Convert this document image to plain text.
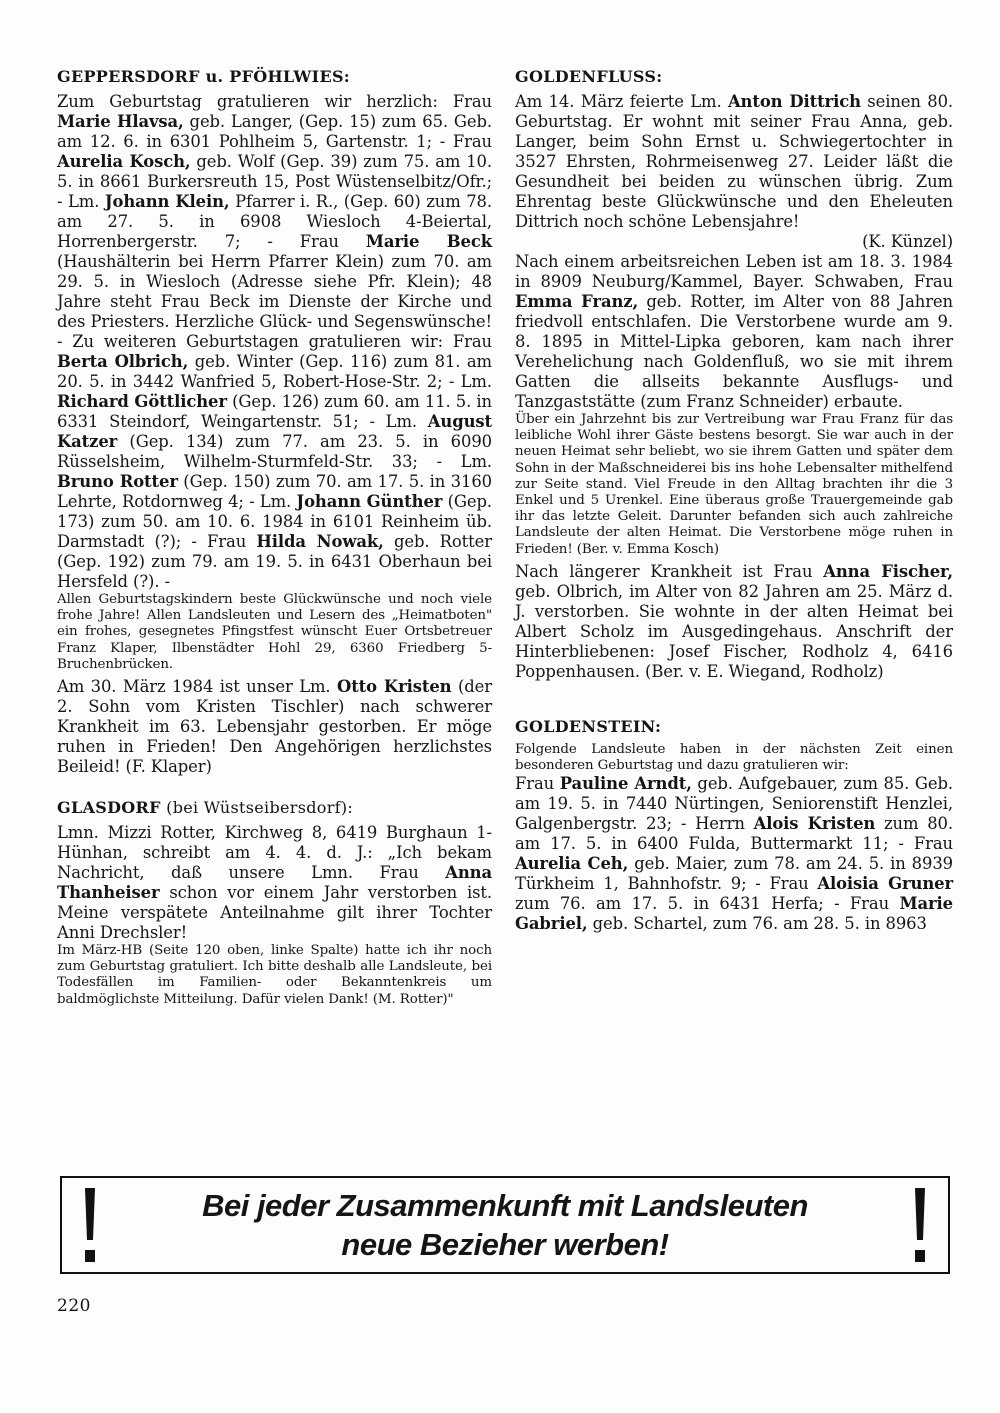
GEPPERSDORF u. PFÖHLWIES:

Zum Geburtstag gratulieren wir herzlich: Frau Marie Hlavsa, geb. Langer, (Gep. 15) zum 65. Geb. am 12. 6. in 6301 Pohlheim 5, Gartenstr. 1; - Frau Aurelia Kosch, geb. Wolf (Gep. 39) zum 75. am 10. 5. in 8661 Burkersreuth 15, Post Wüstenselbitz/Ofr.; - Lm. Johann Klein, Pfarrer i. R., (Gep. 60) zum 78. am 27. 5. in 6908 Wiesloch 4-Beiertal, Horrenbergerstr. 7; - Frau Marie Beck (Haushälterin bei Herrn Pfarrer Klein) zum 70. am 29. 5. in Wiesloch (Adresse siehe Pfr. Klein); 48 Jahre steht Frau Beck im Dienste der Kirche und des Priesters. Herzliche Glück- und Segenswünsche! - Zu weiteren Geburtstagen gratulieren wir: Frau Berta Olbrich, geb. Winter (Gep. 116) zum 81. am 20. 5. in 3442 Wanfried 5, Robert-Hose-Str. 2; - Lm. Richard Göttlicher (Gep. 126) zum 60. am 11. 5. in 6331 Steindorf, Weingartenstr. 51; - Lm. August Katzer (Gep. 134) zum 77. am 23. 5. in 6090 Rüsselsheim, Wilhelm-Sturmfeld-Str. 33; - Lm. Bruno Rotter (Gep. 150) zum 70. am 17. 5. in 3160 Lehrte, Rotdornweg 4; - Lm. Johann Günther (Gep. 173) zum 50. am 10. 6. 1984 in 6101 Reinheim üb. Darmstadt (?); - Frau Hilda Nowak, geb. Rotter (Gep. 192) zum 79. am 19. 5. in 6431 Oberhaun bei Hersfeld (?). -

Allen Geburtstagskindern beste Glückwünsche und noch viele frohe Jahre! Allen Landsleuten und Lesern des „Heimatboten" ein frohes, gesegnetes Pfingstfest wünscht Euer Ortsbetreuer Franz Klaper, Ilbenstädter Hohl 29, 6360 Friedberg 5-Bruchenbrücken.

Am 30. März 1984 ist unser Lm. Otto Kristen (der 2. Sohn vom Kristen Tischler) nach schwerer Krankheit im 63. Lebensjahr gestorben. Er möge ruhen in Frieden! Den Angehörigen herzlichstes Beileid! (F. Klaper)

GLASDORF (bei Wüstseibersdorf):

Lmn. Mizzi Rotter, Kirchweg 8, 6419 Burghaun 1-Hünhan, schreibt am 4. 4. d. J.: „Ich bekam Nachricht, daß unsere Lmn. Frau Anna Thanheiser schon vor einem Jahr verstorben ist. Meine verspätete Anteilnahme gilt ihrer Tochter Anni Drechsler!

Im März-HB (Seite 120 oben, linke Spalte) hatte ich ihr noch zum Geburtstag gratuliert. Ich bitte deshalb alle Landsleute, bei Todesfällen im Familien- oder Bekanntenkreis um baldmöglichste Mitteilung. Dafür vielen Dank! (M. Rotter)"

GOLDENFLUSS:

Am 14. März feierte Lm. Anton Dittrich seinen 80. Geburtstag. Er wohnt mit seiner Frau Anna, geb. Langer, beim Sohn Ernst u. Schwiegertochter in 3527 Ehrsten, Rohrmeisenweg 27. Leider läßt die Gesundheit bei beiden zu wünschen übrig. Zum Ehrentag beste Glückwünsche und den Eheleuten Dittrich noch schöne Lebensjahre!
(K. Künzel)

Nach einem arbeitsreichen Leben ist am 18. 3. 1984 in 8909 Neuburg/Kammel, Bayer. Schwaben, Frau Emma Franz, geb. Rotter, im Alter von 88 Jahren friedvoll entschlafen. Die Verstorbene wurde am 9. 8. 1895 in Mittel-Lipka geboren, kam nach ihrer Verehelichung nach Goldenfluß, wo sie mit ihrem Gatten die allseits bekannte Ausflugs- und Tanzgaststätte (zum Franz Schneider) erbaute.

Über ein Jahrzehnt bis zur Vertreibung war Frau Franz für das leibliche Wohl ihrer Gäste bestens besorgt. Sie war auch in der neuen Heimat sehr beliebt, wo sie ihrem Gatten und später dem Sohn in der Maßschneiderei bis ins hohe Lebensalter mithelfend zur Seite stand. Viel Freude in den Alltag brachten ihr die 3 Enkel und 5 Urenkel. Eine überaus große Trauergemeinde gab ihr das letzte Geleit. Darunter befanden sich auch zahlreiche Landsleute der alten Heimat. Die Verstorbene möge ruhen in Frieden! (Ber. v. Emma Kosch)

Nach längerer Krankheit ist Frau Anna Fischer, geb. Olbrich, im Alter von 82 Jahren am 25. März d. J. verstorben. Sie wohnte in der alten Heimat bei Albert Scholz im Ausgedingehaus. Anschrift der Hinterbliebenen: Josef Fischer, Rodholz 4, 6416 Poppenhausen. (Ber. v. E. Wiegand, Rodholz)

GOLDENSTEIN:

Folgende Landsleute haben in der nächsten Zeit einen besonderen Geburtstag und dazu gratulieren wir:

Frau Pauline Arndt, geb. Aufgebauer, zum 85. Geb. am 19. 5. in 7440 Nürtingen, Seniorenstift Henzlei, Galgenbergstr. 23; - Herrn Alois Kristen zum 80. am 17. 5. in 6400 Fulda, Buttermarkt 11; - Frau Aurelia Ceh, geb. Maier, zum 78. am 24. 5. in 8939 Türkheim 1, Bahnhofstr. 9; - Frau Aloisia Gruner zum 76. am 17. 5. in 6431 Herfa; - Frau Marie Gabriel, geb. Schartel, zum 76. am 28. 5. in 8963

Bei jeder Zusammenkunft mit Landsleuten
neue Bezieher werben!
220
